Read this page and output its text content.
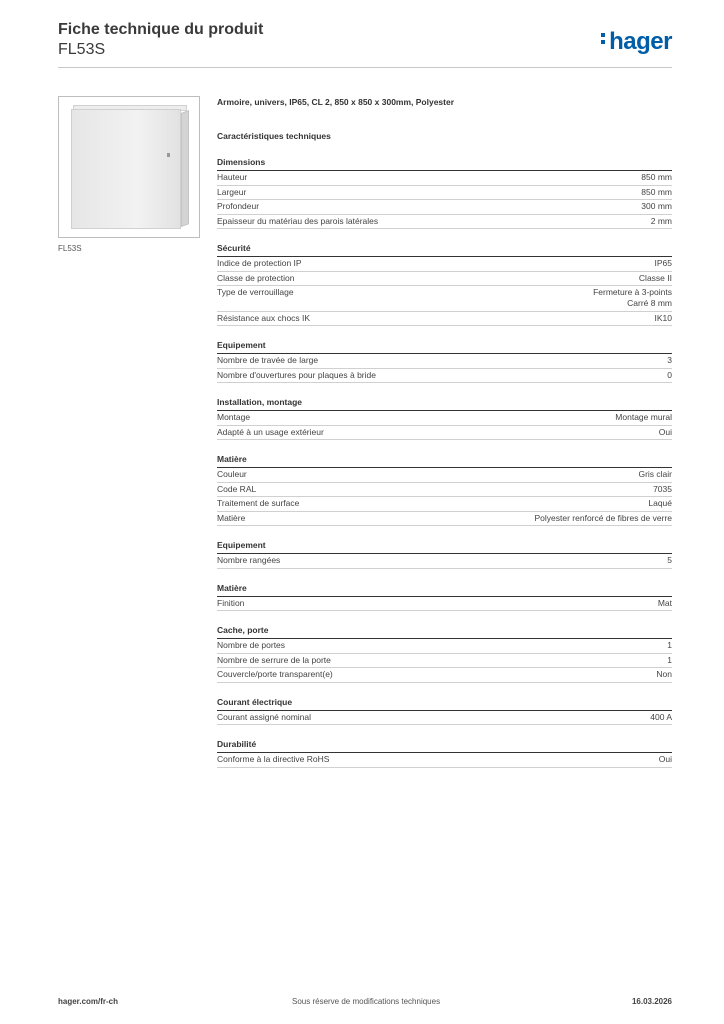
Fiche technique du produit
FL53S	hager
FL53S
Armoire, univers, IP65, CL 2, 850 x 850 x 300mm, Polyester
Caractéristiques techniques
Dimensions
Hauteur	850 mm
Largeur	850 mm
Profondeur	300 mm
Epaisseur du matériau des parois latérales	2 mm
Sécurité
Indice de protection IP	IP65
Classe de protection	Classe II
Type de verrouillage	Fermeture à 3-points
Carré 8 mm
Résistance aux chocs IK	IK10
Equipement
Nombre de travée de large	3
Nombre d'ouvertures pour plaques à bride	0
Installation, montage
Montage	Montage mural
Adapté à un usage extérieur	Oui
Matière
Couleur	Gris clair
Code RAL	7035
Traitement de surface	Laqué
Matière	Polyester renforcé de fibres de verre
Equipement
Nombre rangées	5
Matière
Finition	Mat
Cache, porte
Nombre de portes	1
Nombre de serrure de la porte	1
Couvercle/porte transparent(e)	Non
Courant électrique
Courant assigné nominal	400 A
Durabilité
Conforme à la directive RoHS	Oui
hager.com/fr-ch	Sous réserve de modifications techniques	16.03.2026
